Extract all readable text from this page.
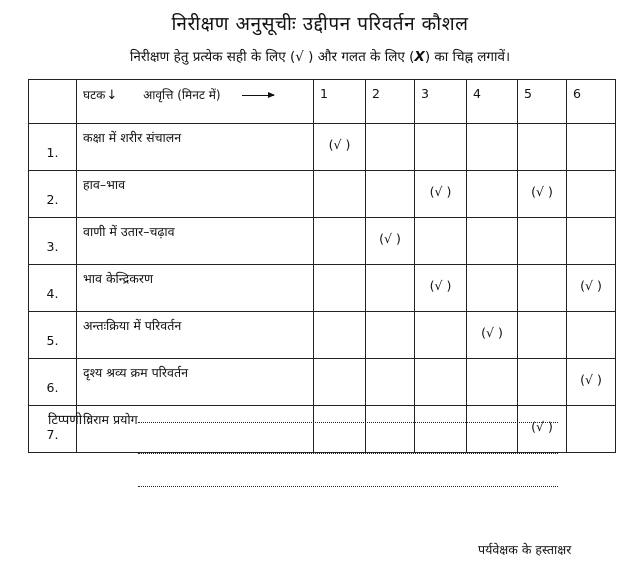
निरीक्षण अनुसूचीः उद्दीपन परिवर्तन कौशल
निरीक्षण हेतु प्रत्येक सही के लिए (√ ) और गलत के लिए (X) का चिह्न लगावें।

	घटक↓ आवृत्ति (मिनट में)	1	2	3	4	5	6
1.	कक्षा में शरीर संचालन	(√ )					
2.	हाव–भाव			(√ )		(√ )	
3.	वाणी में उतार–चढ़ाव		(√ )				
4.	भाव केन्द्रिकरण			(√ )			(√ )
5.	अन्तःक्रिया में परिवर्तन				(√ )		
6.	दृश्य श्रव्य क्रम परिवर्तन						(√ )
7.	विराम प्रयोग					(√ )	
टिप्पणी :
पर्यवेक्षक के हस्ताक्षर
